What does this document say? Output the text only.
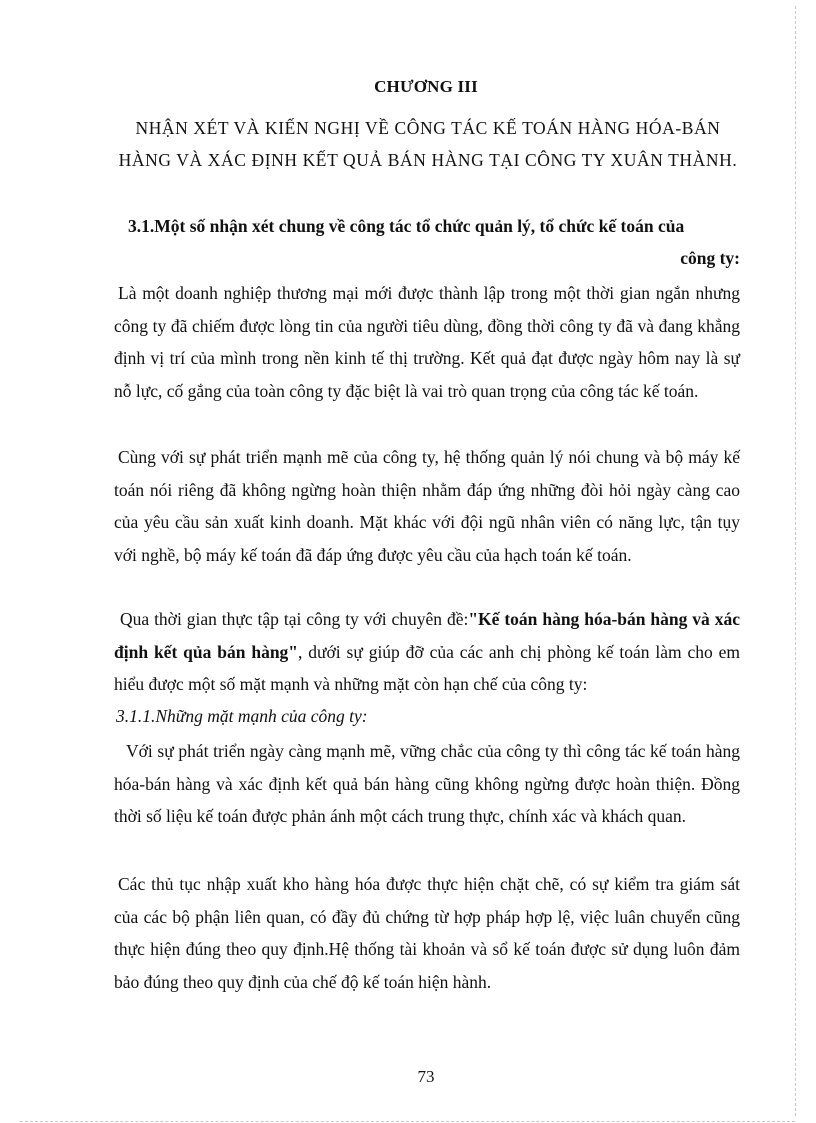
CHƯƠNG III
NHẬN XÉT VÀ KIẾN NGHỊ VỀ CÔNG TÁC KẾ TOÁN HÀNG HÓA-BÁN HÀNG VÀ XÁC ĐỊNH KẾT QUẢ BÁN HÀNG TẠI CÔNG TY XUÂN THÀNH.
3.1.Một số nhận xét chung về công tác tổ chức quản lý, tổ chức kế toán của
công ty:
Là một doanh nghiệp thương mại mới được thành lập trong một thời gian ngắn nhưng công ty đã chiếm được lòng tin của người tiêu dùng, đồng thời công ty đã và đang khẳng định vị trí của mình trong nền kinh tế thị trường. Kết quả đạt được ngày hôm nay là sự nỗ lực, cố gắng của toàn công ty đặc biệt là vai trò quan trọng của công tác kế toán.
Cùng với sự phát triển mạnh mẽ của công ty, hệ thống quản lý nói chung và bộ máy kế toán nói riêng đã không ngừng hoàn thiện nhằm đáp ứng những đòi hỏi ngày càng cao của yêu cầu sản xuất kinh doanh. Mặt khác với đội ngũ nhân viên có năng lực, tận tụy với nghề, bộ máy kế toán đã đáp ứng được yêu cầu của hạch toán kế toán.
Qua thời gian thực tập tại công ty với chuyên đề:"Kế toán hàng hóa-bán hàng và xác định kết qủa bán hàng", dưới sự giúp đỡ của các anh chị phòng kế toán làm cho em hiểu được một số mặt mạnh và những mặt còn hạn chế của công ty:
3.1.1.Những mặt mạnh của công ty:
Với sự phát triển ngày càng mạnh mẽ, vững chắc của công ty thì công tác kế toán hàng hóa-bán hàng và xác định kết quả bán hàng cũng không ngừng được hoàn thiện. Đồng thời số liệu kế toán được phản ánh một cách trung thực, chính xác và khách quan.
Các thủ tục nhập xuất kho hàng hóa được thực hiện chặt chẽ, có sự kiểm tra giám sát của các bộ phận liên quan, có đầy đủ chứng từ hợp pháp hợp lệ, việc luân chuyển cũng thực hiện đúng theo quy định.Hệ thống tài khoản và sổ kế toán được sử dụng luôn đảm bảo đúng theo quy định của chế độ kế toán hiện hành.
73
